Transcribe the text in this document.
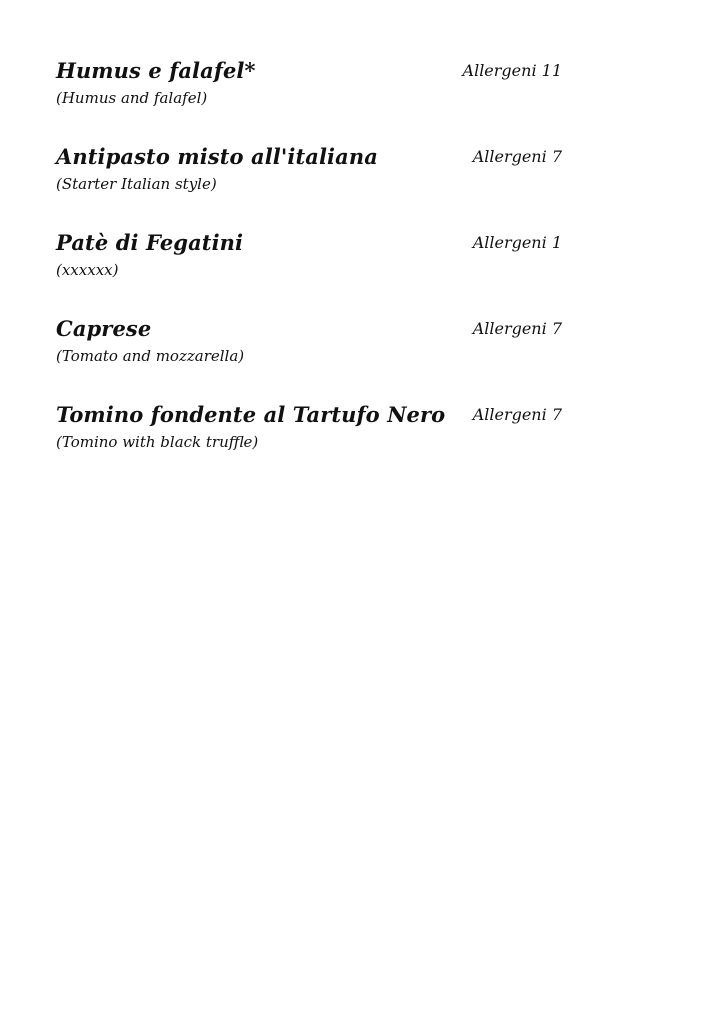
Humus e falafel*	Allergeni 11
(Humus and falafel)
Antipasto misto all'italiana	Allergeni 7
(Starter Italian style)
Patè di Fegatini	Allergeni 1
(xxxxxx)
Caprese	Allergeni 7
(Tomato and mozzarella)
Tomino fondente al Tartufo Nero Allergeni 7
(Tomino with black truffle)
